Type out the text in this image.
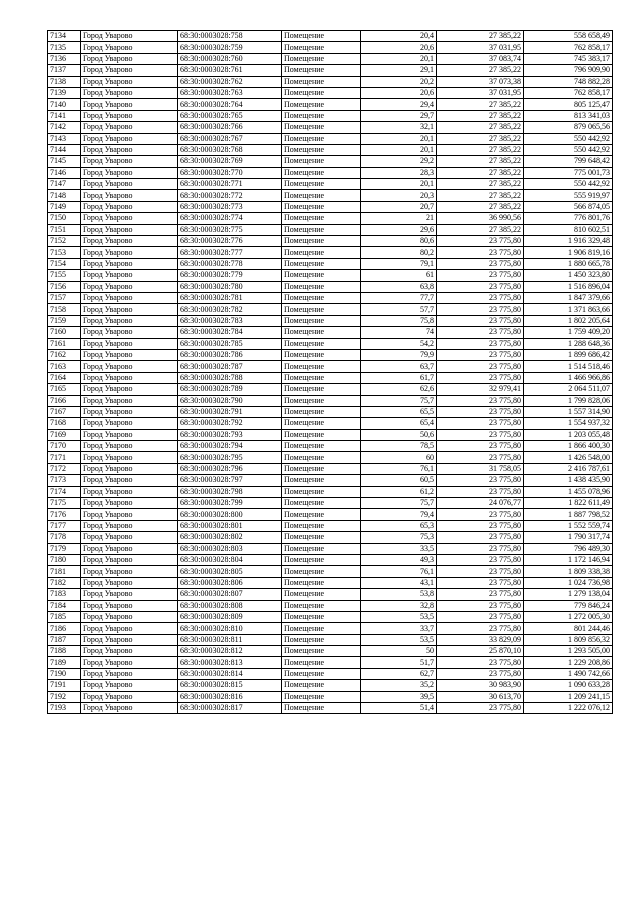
7134	Город Уварово	68:30:0003028:758	Помещение	20,4	27 385,22	558 658,49
7135	Город Уварово	68:30:0003028:759	Помещение	20,6	37 031,95	762 858,17
7136	Город Уварово	68:30:0003028:760	Помещение	20,1	37 083,74	745 383,17
7137	Город Уварово	68:30:0003028:761	Помещение	29,1	27 385,22	796 909,90
7138	Город Уварово	68:30:0003028:762	Помещение	20,2	37 073,38	748 882,28
7139	Город Уварово	68:30:0003028:763	Помещение	20,6	37 031,95	762 858,17
7140	Город Уварово	68:30:0003028:764	Помещение	29,4	27 385,22	805 125,47
7141	Город Уварово	68:30:0003028:765	Помещение	29,7	27 385,22	813 341,03
7142	Город Уварово	68:30:0003028:766	Помещение	32,1	27 385,22	879 065,56
7143	Город Уварово	68:30:0003028:767	Помещение	20,1	27 385,22	550 442,92
7144	Город Уварово	68:30:0003028:768	Помещение	20,1	27 385,22	550 442,92
7145	Город Уварово	68:30:0003028:769	Помещение	29,2	27 385,22	799 648,42
7146	Город Уварово	68:30:0003028:770	Помещение	28,3	27 385,22	775 001,73
7147	Город Уварово	68:30:0003028:771	Помещение	20,1	27 385,22	550 442,92
7148	Город Уварово	68:30:0003028:772	Помещение	20,3	27 385,22	555 919,97
7149	Город Уварово	68:30:0003028:773	Помещение	20,7	27 385,22	566 874,05
7150	Город Уварово	68:30:0003028:774	Помещение	21	36 990,56	776 801,76
7151	Город Уварово	68:30:0003028:775	Помещение	29,6	27 385,22	810 602,51
7152	Город Уварово	68:30:0003028:776	Помещение	80,6	23 775,80	1 916 329,48
7153	Город Уварово	68:30:0003028:777	Помещение	80,2	23 775,80	1 906 819,16
7154	Город Уварово	68:30:0003028:778	Помещение	79,1	23 775,80	1 880 665,78
7155	Город Уварово	68:30:0003028:779	Помещение	61	23 775,80	1 450 323,80
7156	Город Уварово	68:30:0003028:780	Помещение	63,8	23 775,80	1 516 896,04
7157	Город Уварово	68:30:0003028:781	Помещение	77,7	23 775,80	1 847 379,66
7158	Город Уварово	68:30:0003028:782	Помещение	57,7	23 775,80	1 371 863,66
7159	Город Уварово	68:30:0003028:783	Помещение	75,8	23 775,80	1 802 205,64
7160	Город Уварово	68:30:0003028:784	Помещение	74	23 775,80	1 759 409,20
7161	Город Уварово	68:30:0003028:785	Помещение	54,2	23 775,80	1 288 648,36
7162	Город Уварово	68:30:0003028:786	Помещение	79,9	23 775,80	1 899 686,42
7163	Город Уварово	68:30:0003028:787	Помещение	63,7	23 775,80	1 514 518,46
7164	Город Уварово	68:30:0003028:788	Помещение	61,7	23 775,80	1 466 966,86
7165	Город Уварово	68:30:0003028:789	Помещение	62,6	32 979,41	2 064 511,07
7166	Город Уварово	68:30:0003028:790	Помещение	75,7	23 775,80	1 799 828,06
7167	Город Уварово	68:30:0003028:791	Помещение	65,5	23 775,80	1 557 314,90
7168	Город Уварово	68:30:0003028:792	Помещение	65,4	23 775,80	1 554 937,32
7169	Город Уварово	68:30:0003028:793	Помещение	50,6	23 775,80	1 203 055,48
7170	Город Уварово	68:30:0003028:794	Помещение	78,5	23 775,80	1 866 400,30
7171	Город Уварово	68:30:0003028:795	Помещение	60	23 775,80	1 426 548,00
7172	Город Уварово	68:30:0003028:796	Помещение	76,1	31 758,05	2 416 787,61
7173	Город Уварово	68:30:0003028:797	Помещение	60,5	23 775,80	1 438 435,90
7174	Город Уварово	68:30:0003028:798	Помещение	61,2	23 775,80	1 455 078,96
7175	Город Уварово	68:30:0003028:799	Помещение	75,7	24 076,77	1 822 611,49
7176	Город Уварово	68:30:0003028:800	Помещение	79,4	23 775,80	1 887 798,52
7177	Город Уварово	68:30:0003028:801	Помещение	65,3	23 775,80	1 552 559,74
7178	Город Уварово	68:30:0003028:802	Помещение	75,3	23 775,80	1 790 317,74
7179	Город Уварово	68:30:0003028:803	Помещение	33,5	23 775,80	796 489,30
7180	Город Уварово	68:30:0003028:804	Помещение	49,3	23 775,80	1 172 146,94
7181	Город Уварово	68:30:0003028:805	Помещение	76,1	23 775,80	1 809 338,38
7182	Город Уварово	68:30:0003028:806	Помещение	43,1	23 775,80	1 024 736,98
7183	Город Уварово	68:30:0003028:807	Помещение	53,8	23 775,80	1 279 138,04
7184	Город Уварово	68:30:0003028:808	Помещение	32,8	23 775,80	779 846,24
7185	Город Уварово	68:30:0003028:809	Помещение	53,5	23 775,80	1 272 005,30
7186	Город Уварово	68:30:0003028:810	Помещение	33,7	23 775,80	801 244,46
7187	Город Уварово	68:30:0003028:811	Помещение	53,5	33 829,09	1 809 856,32
7188	Город Уварово	68:30:0003028:812	Помещение	50	25 870,10	1 293 505,00
7189	Город Уварово	68:30:0003028:813	Помещение	51,7	23 775,80	1 229 208,86
7190	Город Уварово	68:30:0003028:814	Помещение	62,7	23 775,80	1 490 742,66
7191	Город Уварово	68:30:0003028:815	Помещение	35,2	30 983,90	1 090 633,28
7192	Город Уварово	68:30:0003028:816	Помещение	39,5	30 613,70	1 209 241,15
7193	Город Уварово	68:30:0003028:817	Помещение	51,4	23 775,80	1 222 076,12
